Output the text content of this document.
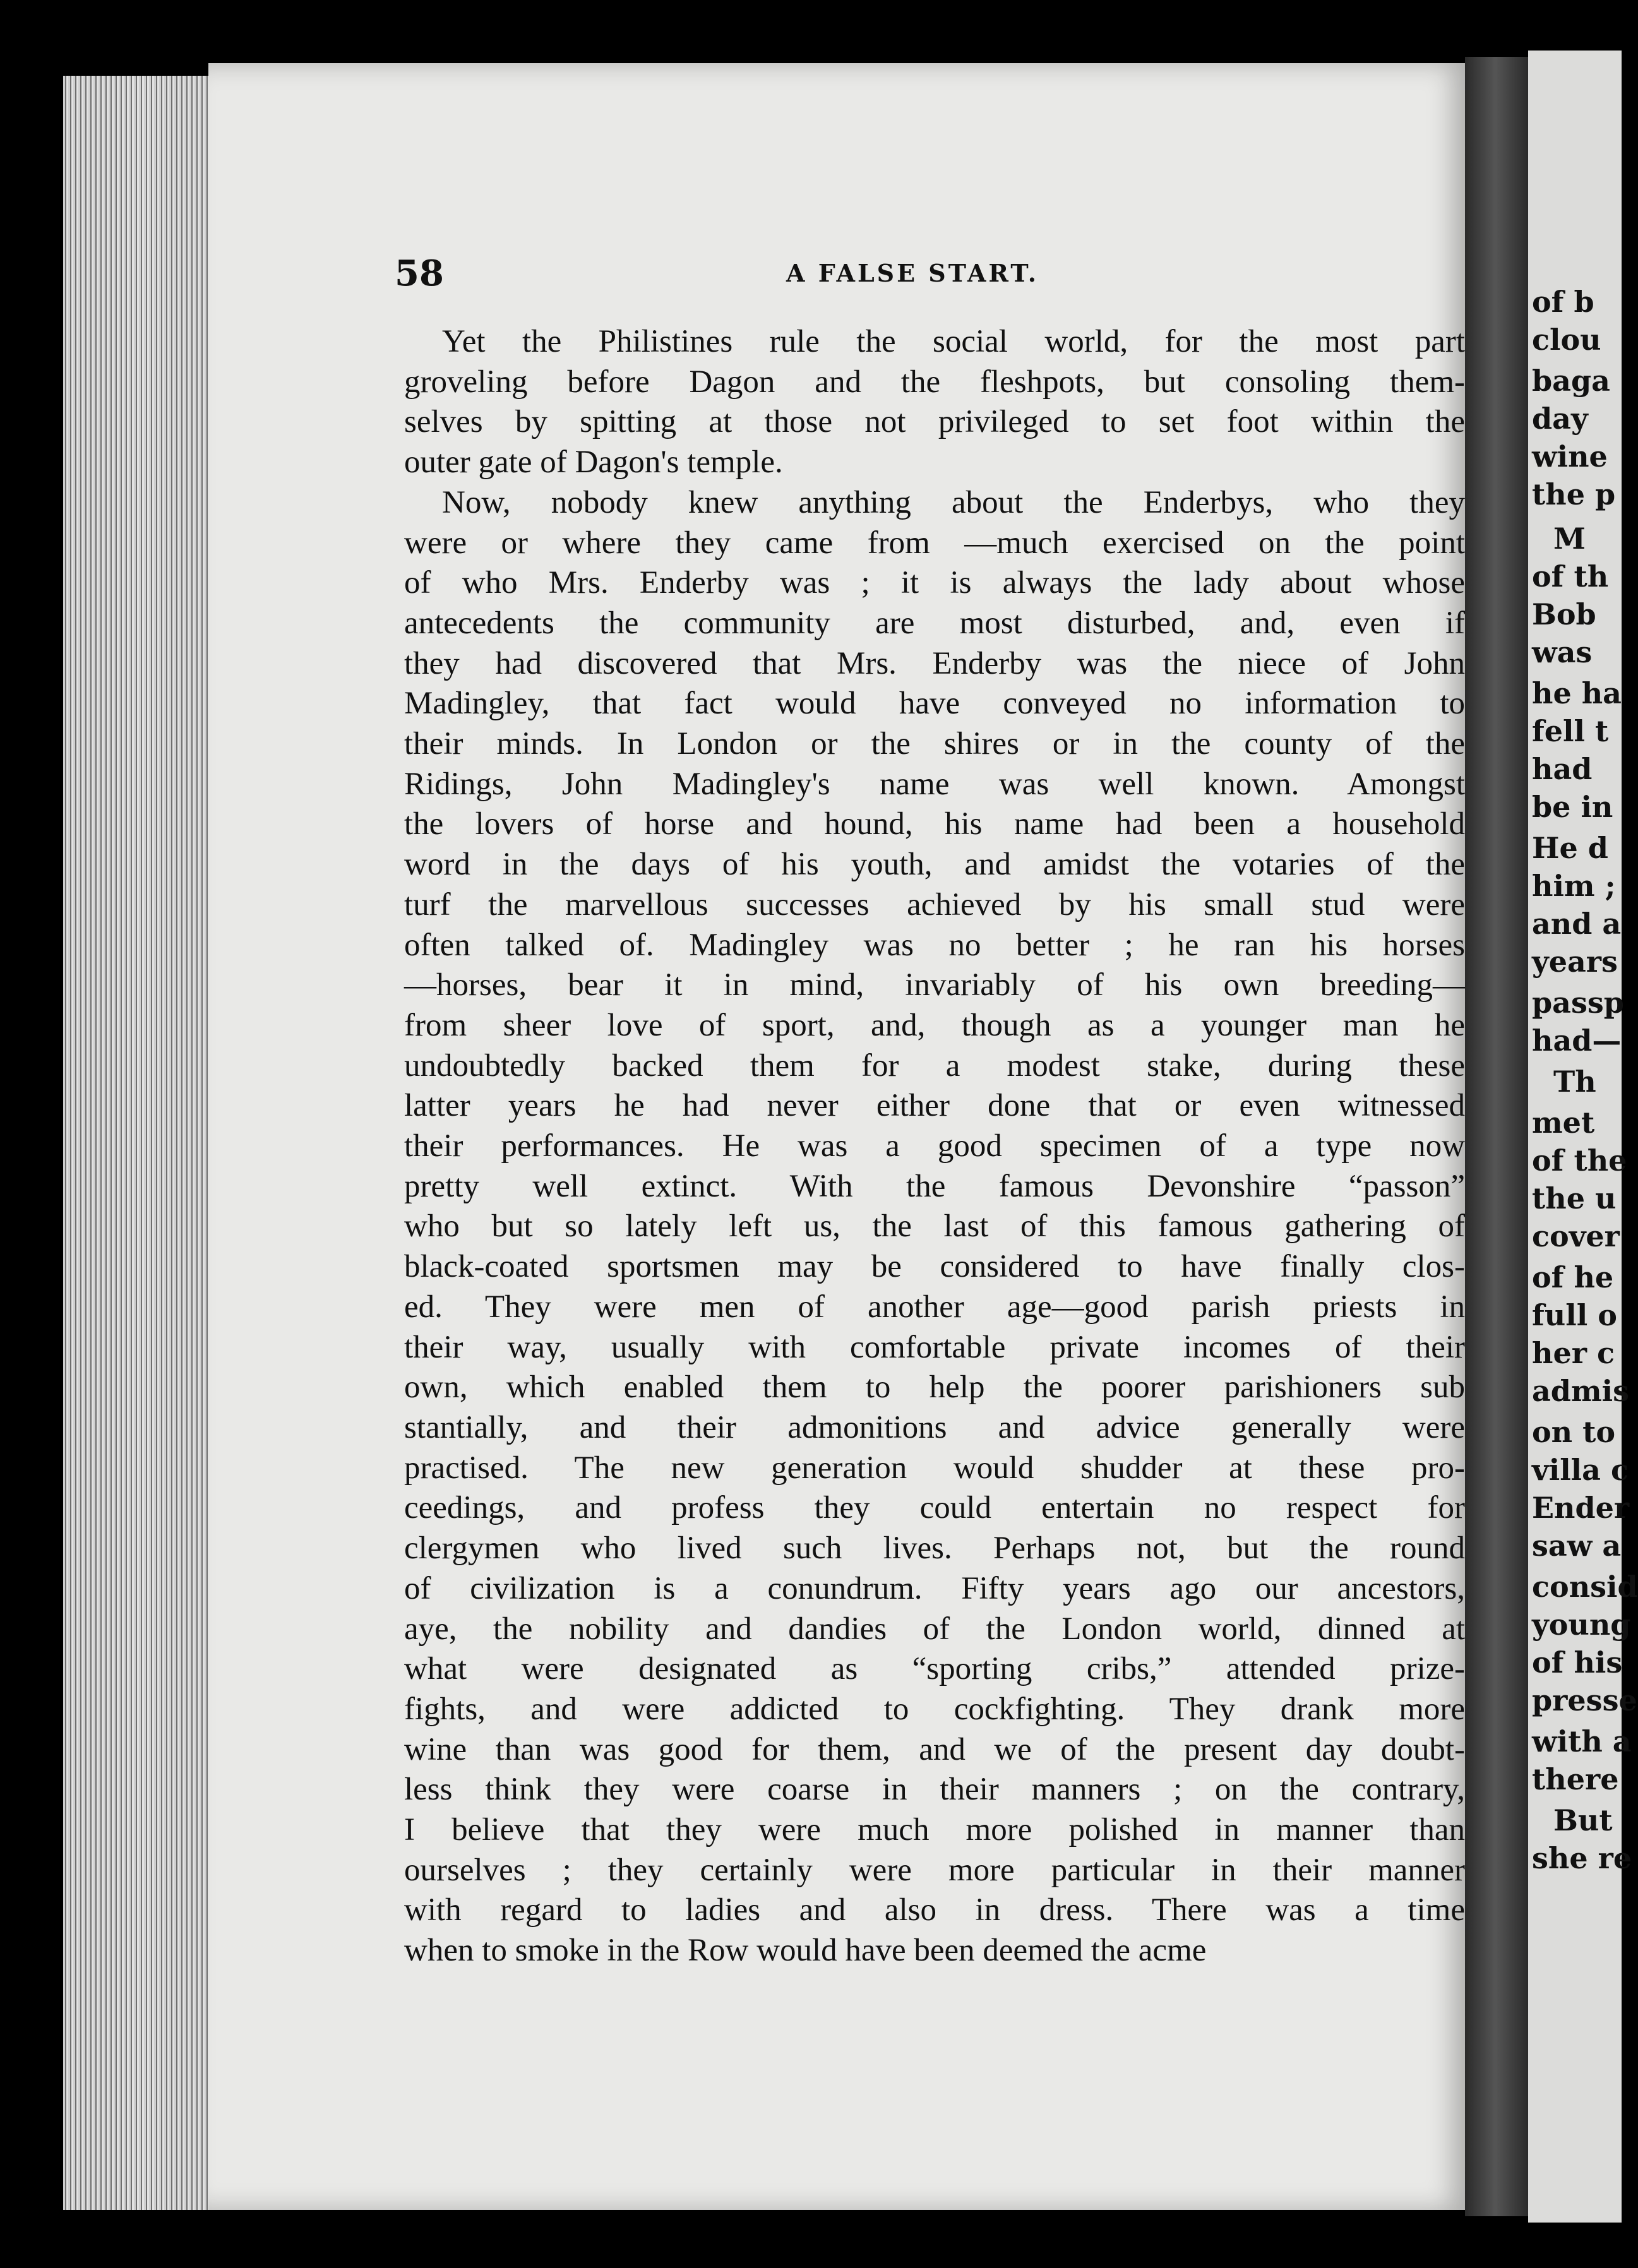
of b
clou
baga
day
wine
the p
M
of th
Bob
was
he ha
fell t
had
be in
He d
him ;
and a
years
passp
had—
Th
met
of the
the u
cover
of he
full o
her c
admis
on to
villa c
Ender
saw a
consid
young
of his
presse
with a
there
But
she re
58	A FALSE START.
Yet the Philistines rule the social world, for the most part
groveling before Dagon and the fleshpots, but consoling them-
selves by spitting at those not privileged to set foot within the
outer gate of Dagon's temple.
Now, nobody knew anything about the Enderbys, who they
were or where they came from —much exercised on the point
of who Mrs. Enderby was ; it is always the lady about whose
antecedents the community are most disturbed, and, even if
they had discovered that Mrs. Enderby was the niece of John
Madingley, that fact would have conveyed no information to
their minds. In London or the shires or in the county of the
Ridings, John Madingley's name was well known. Amongst
the lovers of horse and hound, his name had been a household
word in the days of his youth, and amidst the votaries of the
turf the marvellous successes achieved by his small stud were
often talked of. Madingley was no better ; he ran his horses
—horses, bear it in mind, invariably of his own breeding—
from sheer love of sport, and, though as a younger man he
undoubtedly backed them for a modest stake, during these
latter years he had never either done that or even witnessed
their performances. He was a good specimen of a type now
pretty well extinct. With the famous Devonshire “passon”
who but so lately left us, the last of this famous gathering of
black-coated sportsmen may be considered to have finally clos-
ed. They were men of another age—good parish priests in
their way, usually with comfortable private incomes of their
own, which enabled them to help the poorer parishioners sub
stantially, and their admonitions and advice generally were
practised. The new generation would shudder at these pro-
ceedings, and profess they could entertain no respect for
clergymen who lived such lives. Perhaps not, but the round
of civilization is a conundrum. Fifty years ago our ancestors,
aye, the nobility and dandies of the London world, dinned at
what were designated as “sporting cribs,” attended prize-
fights, and were addicted to cockfighting. They drank more
wine than was good for them, and we of the present day doubt-
less think they were coarse in their manners ; on the contrary,
I believe that they were much more polished in manner than
ourselves ; they certainly were more particular in their manner
with regard to ladies and also in dress. There was a time
when to smoke in the Row would have been deemed the acme
